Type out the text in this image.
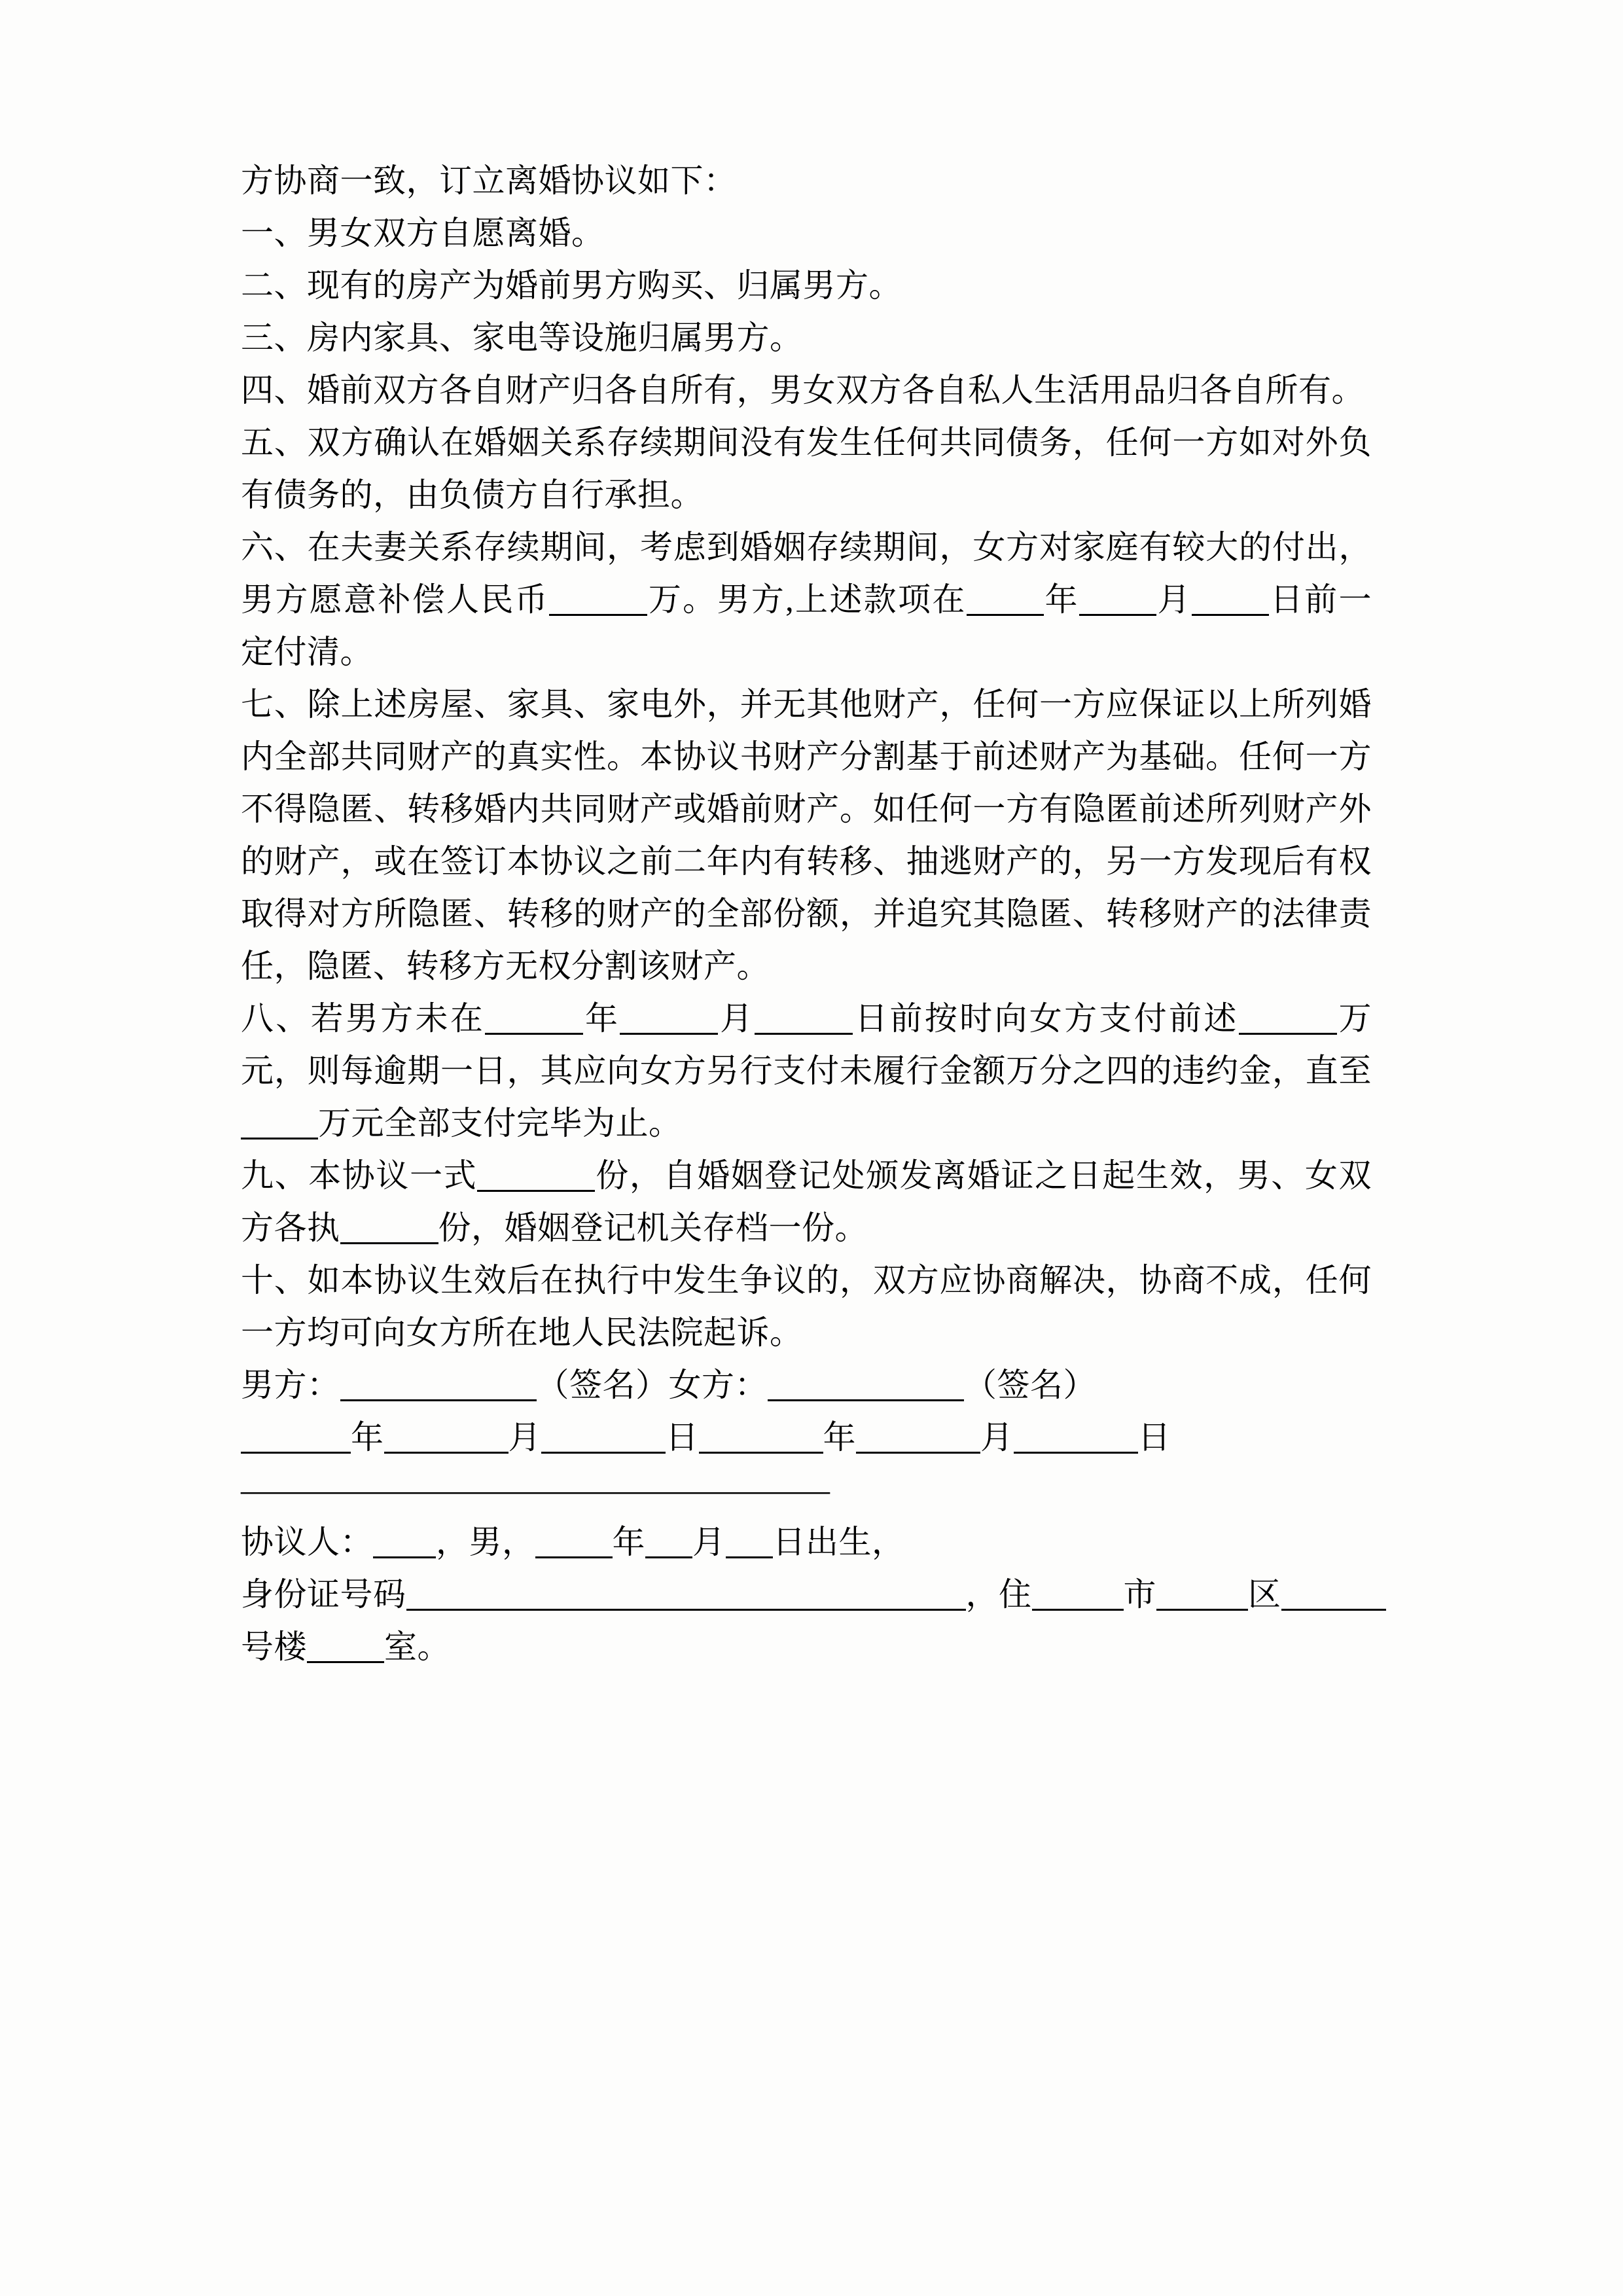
方协商一致，订立离婚协议如下：
一、男女双方自愿离婚。
二、现有的房产为婚前男方购买、归属男方。
三、房内家具、家电等设施归属男方。
四、婚前双方各自财产归各自所有，男女双方各自私人生活用品归各自所有。
五、双方确认在婚姻关系存续期间没有发生任何共同债务，任何一方如对外负有债务的，由负债方自行承担。
六、在夫妻关系存续期间，考虑到婚姻存续期间，女方对家庭有较大的付出，男方愿意补偿人民币	万。男方,上述款项在 年 月 日前一定付清。
七、除上述房屋、家具、家电外，并无其他财产，任何一方应保证以上所列婚内全部共同财产的真实性。本协议书财产分割基于前述财产为基础。任何一方不得隐匿、转移婚内共同财产或婚前财产。如任何一方有隐匿前述所列财产外的财产，或在签订本协议之前二年内有转移、抽逃财产的，另一方发现后有权取得对方所隐匿、转移的财产的全部份额，并追究其隐匿、转移财产的法律责任，隐匿、转移方无权分割该财产。
八、若男方未在	年	月	日前按时向女方支付前述	万元，则每逾期一日，其应向女方另行支付未履行金额万分之四的违约金，直至万元全部支付完毕为止。
九、本协议一式	份，自婚姻登记处颁发离婚证之日起生效，男、女双方各执	份，婚姻登记机关存档一份。
十、如本协议生效后在执行中发生争议的，双方应协商解决，协商不成，任何一方均可向女方所在地人民法院起诉。
男方：	（签名）女方：	（签名）
年	月	日	年	月	日
——————————————————
协议人： ，男， 年 月 日出生，
身份证号码	，住	市	区
号楼 室。
